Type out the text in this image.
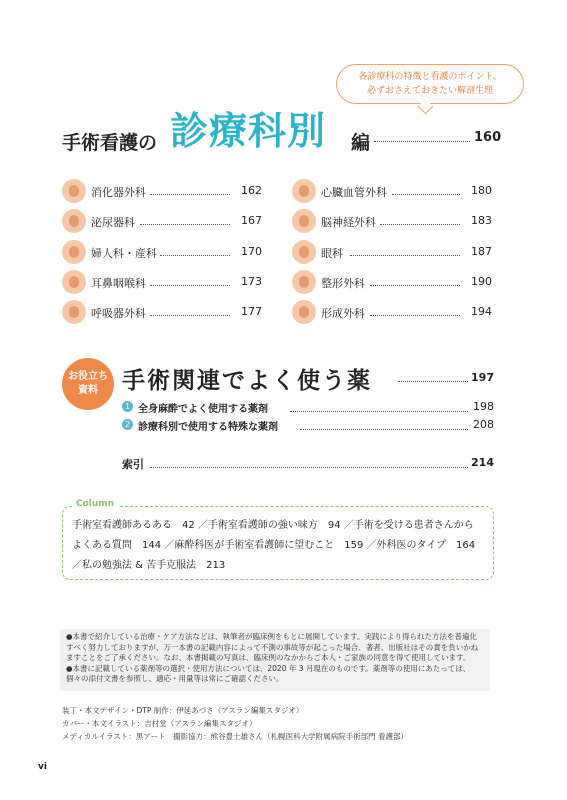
各診療科の特徴と看護のポイント、
必ずおさえておきたい解剖生理
手術看護の 診療科別 編	160
消化器外科	162
泌尿器科	167
婦人科・産科	170
耳鼻咽喉科	173
呼吸器外科	177
心臓血管外科	180
脳神経外科	183
眼科	187
整形外科	190
形成外科	194
お役立ち
資料	手術関連でよく使う薬	197
1 全身麻酔でよく使用する薬剤	198
2 診療科別で使用する特殊な薬剤	208
索引	214
Column
手術室看護師あるある　42 ／手術室看護師の強い味方　94 ／手術を受ける患者さんから
よくある質問　144 ／麻酔科医が手術室看護師に望むこと　159 ／外科医のタイプ　164
／私の勉強法 & 苦手克服法　213
●本書で紹介している治療・ケア方法などは、執筆者が臨床例をもとに展開しています。実践により得られた方法を普遍化すべく努力しておりますが、万一本書の記載内容によって不測の事故等が起こった場合、著者、出版社はその責を負いかねますことをご了承ください。なお、本書掲載の写真は、臨床例のなかからご本人・ご家族の同意を得て使用しています。
●本書に記載している薬剤等の選択・使用方法については、2020 年 3 月現在のものです。薬剤等の使用にあたっては、個々の添付文書を参照し、適応・用量等は常にご確認ください。
装丁・本文デザイン・DTP 制作：伊延あづさ（アスラン編集スタジオ）
カバー・本文イラスト：吉村堂（アスラン編集スタジオ）
メディカルイラスト：黒アート　撮影協力：熊谷豊士雄さん（札幌医科大学附属病院手術部門 看護部）
vi
